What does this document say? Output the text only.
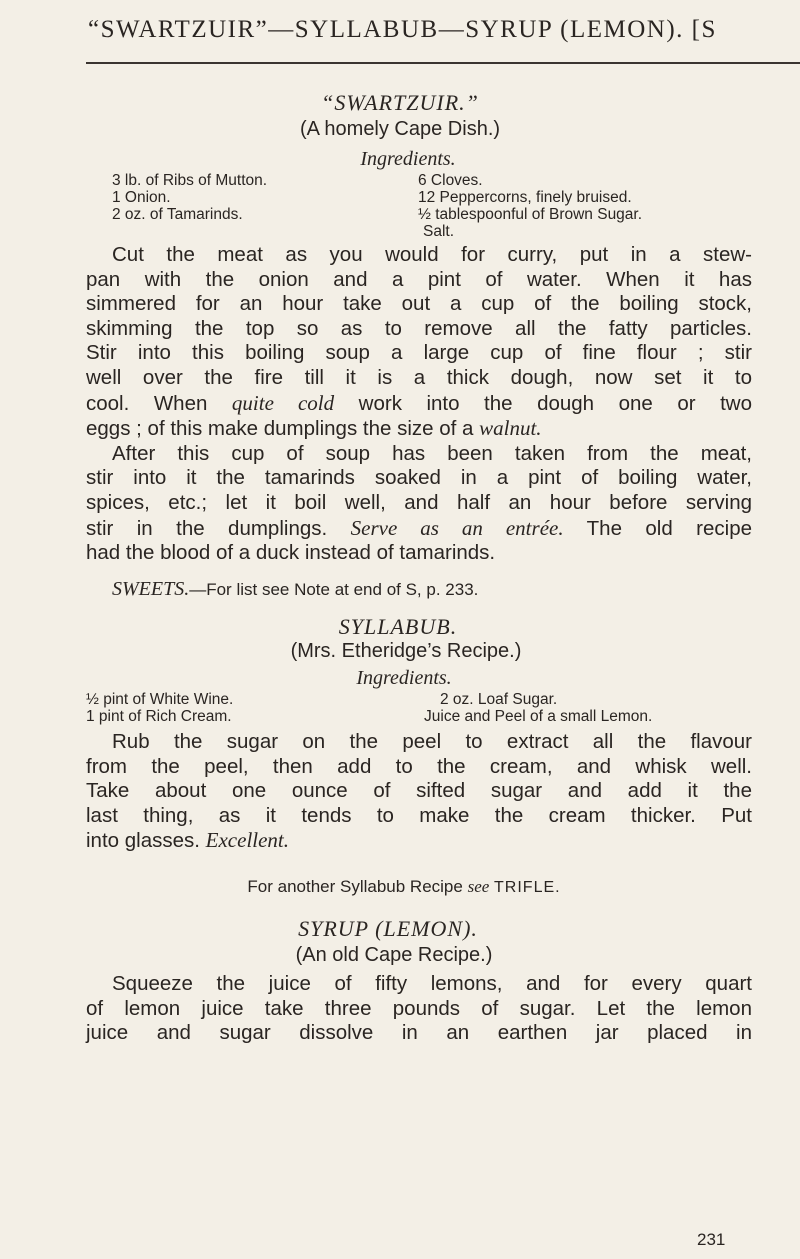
“SWARTZUIR”—SYLLABUB—SYRUP (LEMON). [S
“SWARTZUIR.”
(A homely Cape Dish.)
Ingredients.
3 lb. of Ribs of Mutton.
1 Onion.
2 oz. of Tamarinds.
6 Cloves.
12 Peppercorns, finely bruised.
½ tablespoonful of Brown Sugar.
Salt.
Cut the meat as you would for curry, put in a stew-
pan with the onion and a pint of water. When it has
simmered for an hour take out a cup of the boiling stock,
skimming the top so as to remove all the fatty particles.
Stir into this boiling soup a large cup of fine flour ; stir
well over the fire till it is a thick dough, now set it to
cool. When quite cold work into the dough one or two
eggs ; of this make dumplings the size of a walnut.
After this cup of soup has been taken from the meat,
stir into it the tamarinds soaked in a pint of boiling water,
spices, etc.; let it boil well, and half an hour before serving
stir in the dumplings. Serve as an entrée. The old recipe
had the blood of a duck instead of tamarinds.
SWEETS.—For list see Note at end of S, p. 233.
SYLLABUB.
(Mrs. Etheridge’s Recipe.)
Ingredients.
½ pint of White Wine.
1 pint of Rich Cream.
2 oz. Loaf Sugar.
Juice and Peel of a small Lemon.
Rub the sugar on the peel to extract all the flavour
from the peel, then add to the cream, and whisk well.
Take about one ounce of sifted sugar and add it the
last thing, as it tends to make the cream thicker. Put
into glasses. Excellent.
For another Syllabub Recipe see TRIFLE.
SYRUP (LEMON).
(An old Cape Recipe.)
Squeeze the juice of fifty lemons, and for every quart
of lemon juice take three pounds of sugar. Let the lemon
juice and sugar dissolve in an earthen jar placed in
231
